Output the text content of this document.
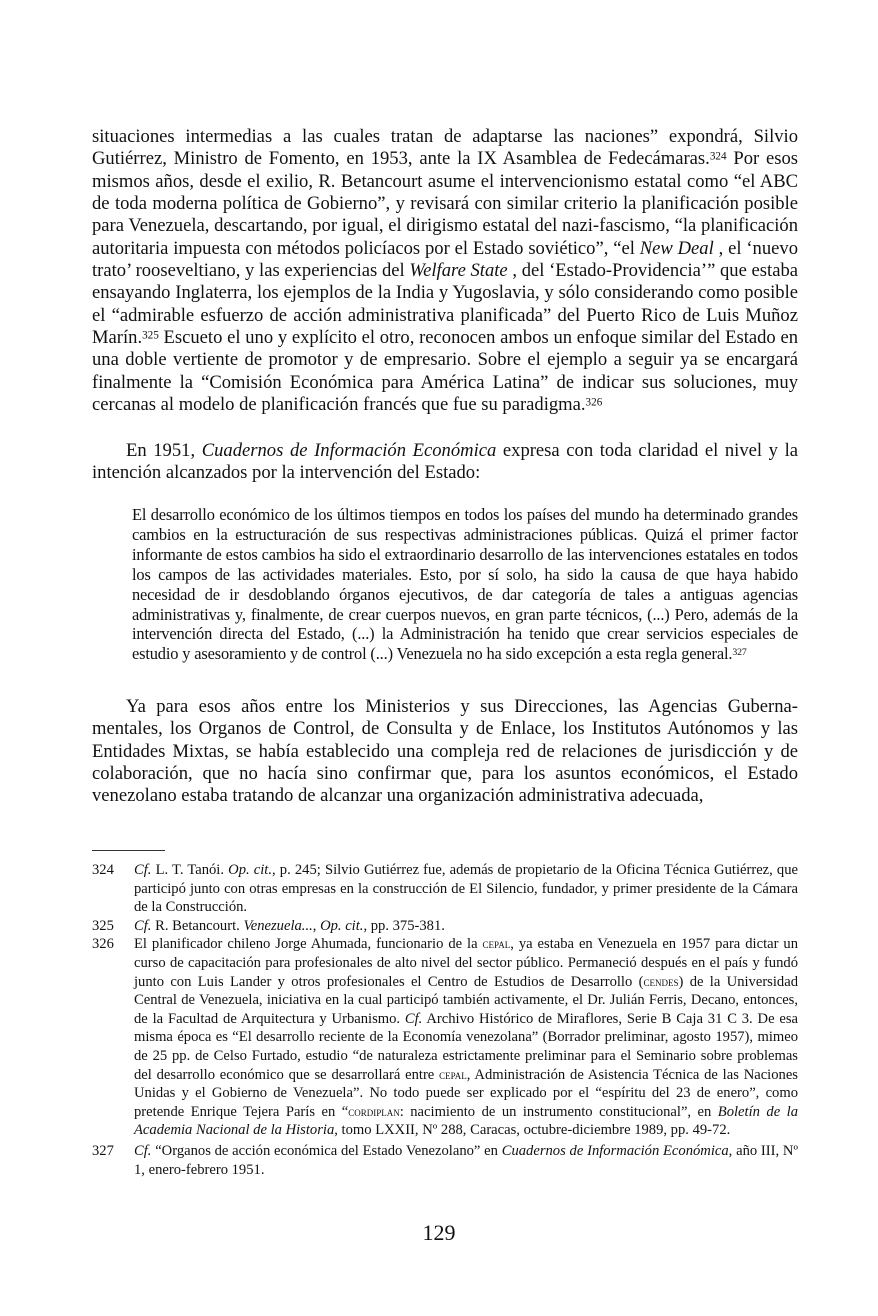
situaciones intermedias a las cuales tratan de adaptarse las naciones” expondrá, Silvio Gutiérrez, Ministro de Fomento, en 1953, ante la IX Asamblea de Fedecámaras.$^{324}$ Por esos mismos años, desde el exilio, R. Betancourt asume el intervencionismo estatal como “el ABC de toda moderna política de Gobierno”, y revisará con similar criterio la planificación posible para Venezuela, descartando, por igual, el dirigismo estatal del nazi-fascismo, “la planificación autoritaria impuesta con métodos policíacos por el Estado soviético”, “el New Deal , el ‘nuevo trato’ rooseveltiano, y las experiencias del Welfare State , del ‘Estado-Providencia’” que estaba ensayando Inglaterra, los ejemplos de la India y Yugoslavia, y sólo considerando como posible el “admirable esfuerzo de acción administrativa planificada” del Puerto Rico de Luis Muñoz Marín.$^{325}$ Escueto el uno y explícito el otro, reconocen ambos un enfoque similar del Estado en una doble vertiente de promotor y de empresario. Sobre el ejemplo a seguir ya se encargará finalmente la “Comisión Económica para América Latina” de indicar sus soluciones, muy cercanas al modelo de planificación francés que fue su paradigma.$^{326}$

En 1951, Cuadernos de Información Económica expresa con toda claridad el nivel y la intención alcanzados por la intervención del Estado:

El desarrollo económico de los últimos tiempos en todos los países del mundo ha determinado grandes cambios en la estructuración de sus respectivas administraciones públicas. Quizá el primer factor informante de estos cambios ha sido el extraordinario desarrollo de las intervenciones estatales en todos los campos de las actividades materiales. Esto, por sí solo, ha sido la causa de que haya habido necesidad de ir desdoblando órganos ejecutivos, de dar categoría de tales a antiguas agencias administrativas y, finalmente, de crear cuerpos nuevos, en gran parte técnicos, (...) Pero, además de la intervención directa del Estado, (...) la Administración ha tenido que crear servicios especiales de estudio y asesoramiento y de control (...) Venezuela no ha sido excepción a esta regla general.$^{327}$

Ya para esos años entre los Ministerios y sus Direcciones, las Agencias Guberna-mentales, los Organos de Control, de Consulta y de Enlace, los Institutos Autónomos y las Entidades Mixtas, se había establecido una compleja red de relaciones de jurisdicción y de colaboración, que no hacía sino confirmar que, para los asuntos económicos, el Estado venezolano estaba tratando de alcanzar una organización administrativa adecuada,

324	Cf. L. T. Tanói. Op. cit., p. 245; Silvio Gutiérrez fue, además de propietario de la Oficina Técnica Gutiérrez, que participó junto con otras empresas en la construcción de El Silencio, fundador, y primer presidente de la Cámara de la Construcción.
325	Cf. R. Betancourt. Venezuela..., Op. cit., pp. 375-381.
326	El planificador chileno Jorge Ahumada, funcionario de la cepal, ya estaba en Venezuela en 1957 para dictar un curso de capacitación para profesionales de alto nivel del sector público. Permaneció después en el país y fundó junto con Luis Lander y otros profesionales el Centro de Estudios de Desarrollo (cendes) de la Universidad Central de Venezuela, iniciativa en la cual participó también activamente, el Dr. Julián Ferris, Decano, entonces, de la Facultad de Arquitectura y Urbanismo. Cf. Archivo Histórico de Miraflores, Serie B Caja 31 C 3. De esa misma época es “El desarrollo reciente de la Economía venezolana” (Borrador preliminar, agosto 1957), mimeo de 25 pp. de Celso Furtado, estudio “de naturaleza estrictamente preliminar para el Seminario sobre problemas del desarrollo económico que se desarrollará entre cepal, Administración de Asistencia Técnica de las Naciones Unidas y el Gobierno de Venezuela”. No todo puede ser explicado por el “espíritu del 23 de enero”, como pretende Enrique Tejera París en “cordiplan: nacimiento de un instrumento constitucional”, en Boletín de la Academia Nacional de la Historia, tomo LXXII, Nº 288, Caracas, octubre-diciembre 1989, pp. 49-72.
327	Cf. “Organos de acción económica del Estado Venezolano” en Cuadernos de Información Económica, año III, Nº 1, enero-febrero 1951.
129
